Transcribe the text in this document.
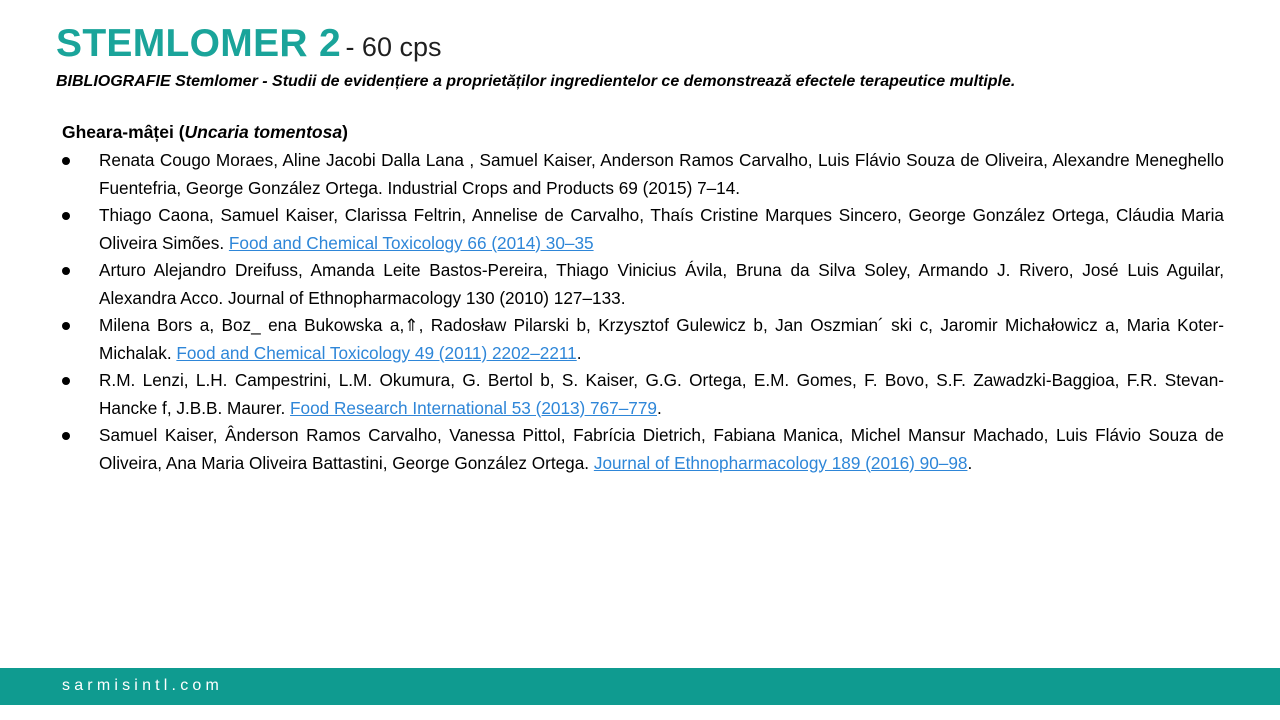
STEMLOMER 2 - 60 cps
BIBLIOGRAFIE Stemlomer - Studii de evidențiere a proprietăților ingredientelor ce demonstrează efectele terapeutice multiple.
Gheara-mâței (Uncaria tomentosa)
Renata Cougo Moraes, Aline Jacobi Dalla Lana , Samuel Kaiser, Anderson Ramos Carvalho, Luis Flávio Souza de Oliveira, Alexandre Meneghello Fuentefria, George González Ortega. Industrial Crops and Products 69 (2015) 7–14.
Thiago Caona, Samuel Kaiser, Clarissa Feltrin, Annelise de Carvalho, Thaís Cristine Marques Sincero, George González Ortega, Cláudia Maria Oliveira Simões. Food and Chemical Toxicology 66 (2014) 30–35
Arturo Alejandro Dreifuss, Amanda Leite Bastos-Pereira, Thiago Vinicius Ávila, Bruna da Silva Soley, Armando J. Rivero, José Luis Aguilar, Alexandra Acco. Journal of Ethnopharmacology 130 (2010) 127–133.
Milena Bors a, Boz_ ena Bukowska a,⇑, Radosław Pilarski b, Krzysztof Gulewicz b, Jan Oszmian´ ski c, Jaromir Michałowicz a, Maria Koter-Michalak. Food and Chemical Toxicology 49 (2011) 2202–2211.
R.M. Lenzi, L.H. Campestrini, L.M. Okumura, G. Bertol b, S. Kaiser, G.G. Ortega, E.M. Gomes, F. Bovo, S.F. Zawadzki-Baggioa, F.R. Stevan-Hancke f, J.B.B. Maurer. Food Research International 53 (2013) 767–779.
Samuel Kaiser, Ânderson Ramos Carvalho, Vanessa Pittol, Fabrícia Dietrich, Fabiana Manica, Michel Mansur Machado, Luis Flávio Souza de Oliveira, Ana Maria Oliveira Battastini, George González Ortega. Journal of Ethnopharmacology 189 (2016) 90–98.
sarmisintl.com
